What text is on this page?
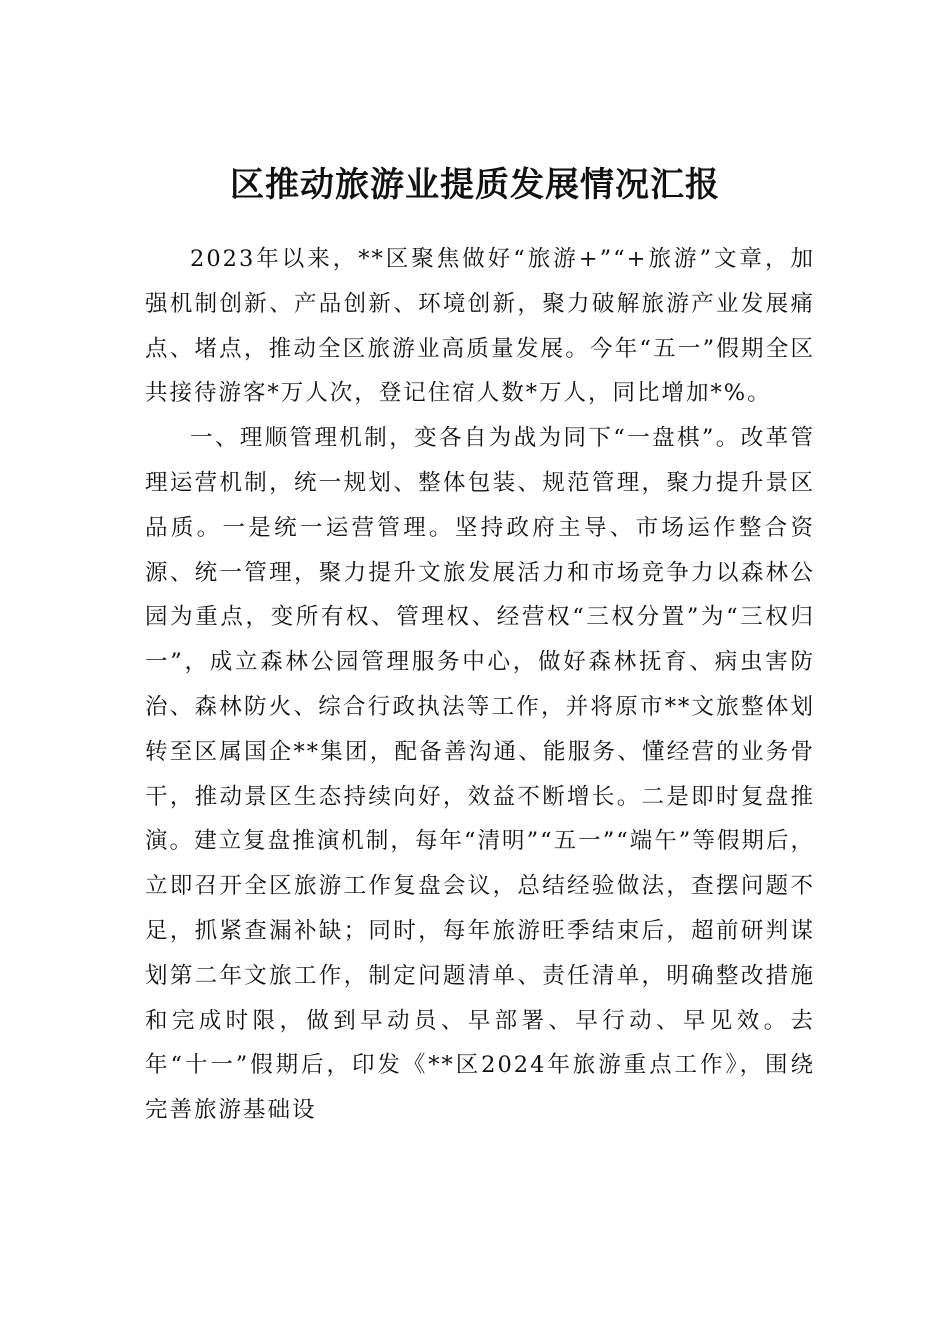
区推动旅游业提质发展情况汇报

2023年以来，**区聚焦做好“旅游+”“+旅游”文章，加强机制创新、产品创新、环境创新，聚力破解旅游产业发展痛点、堵点，推动全区旅游业高质量发展。今年“五一”假期全区共接待游客*万人次，登记住宿人数*万人，同比增加*%。

一、理顺管理机制，变各自为战为同下“一盘棋”。改革管理运营机制，统一规划、整体包装、规范管理，聚力提升景区品质。一是统一运营管理。坚持政府主导、市场运作整合资源、统一管理，聚力提升文旅发展活力和市场竞争力以森林公园为重点，变所有权、管理权、经营权“三权分置”为“三权归一”，成立森林公园管理服务中心，做好森林抚育、病虫害防治、森林防火、综合行政执法等工作，并将原市**文旅整体划转至区属国企**集团，配备善沟通、能服务、懂经营的业务骨干，推动景区生态持续向好，效益不断增长。二是即时复盘推演。建立复盘推演机制，每年“清明”“五一”“端午”等假期后，立即召开全区旅游工作复盘会议，总结经验做法，查摆问题不足，抓紧查漏补缺；同时，每年旅游旺季结束后，超前研判谋划第二年文旅工作，制定问题清单、责任清单，明确整改措施和完成时限，做到早动员、早部署、早行动、早见效。去年“十一”假期后，印发《**区2024年旅游重点工作》，围绕完善旅游基础设
